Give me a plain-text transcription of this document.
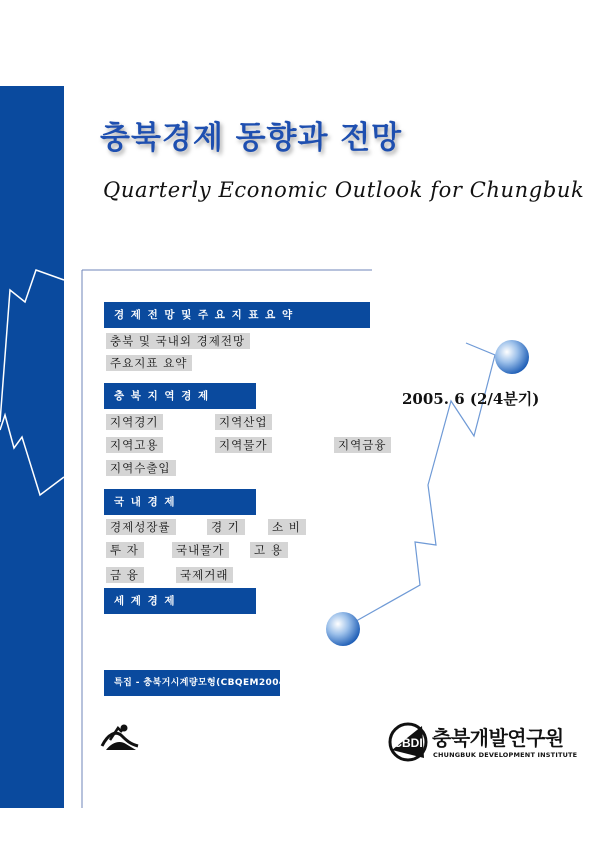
충북경제 동향과 전망
Quarterly Economic Outlook for Chungbuk
경 제 전 망 및 주 요 지 표 요 약
충북 및 국내외 경제전망
주요지표 요약
충 북 지 역 경 제
지역경기	지역산업
지역고용	지역물가	지역금융
지역수출입
국 내 경 제
경제성장률	경 기	소 비
투 자	국내물가	고 용
금 융	국제거래
세 계 경 제
특집 - 충북거시계량모형(CBQEM2004)
2005. 6 (2/4분기)
CBDI 충북개발연구원
CHUNGBUK DEVELOPMENT INSTITUTE
